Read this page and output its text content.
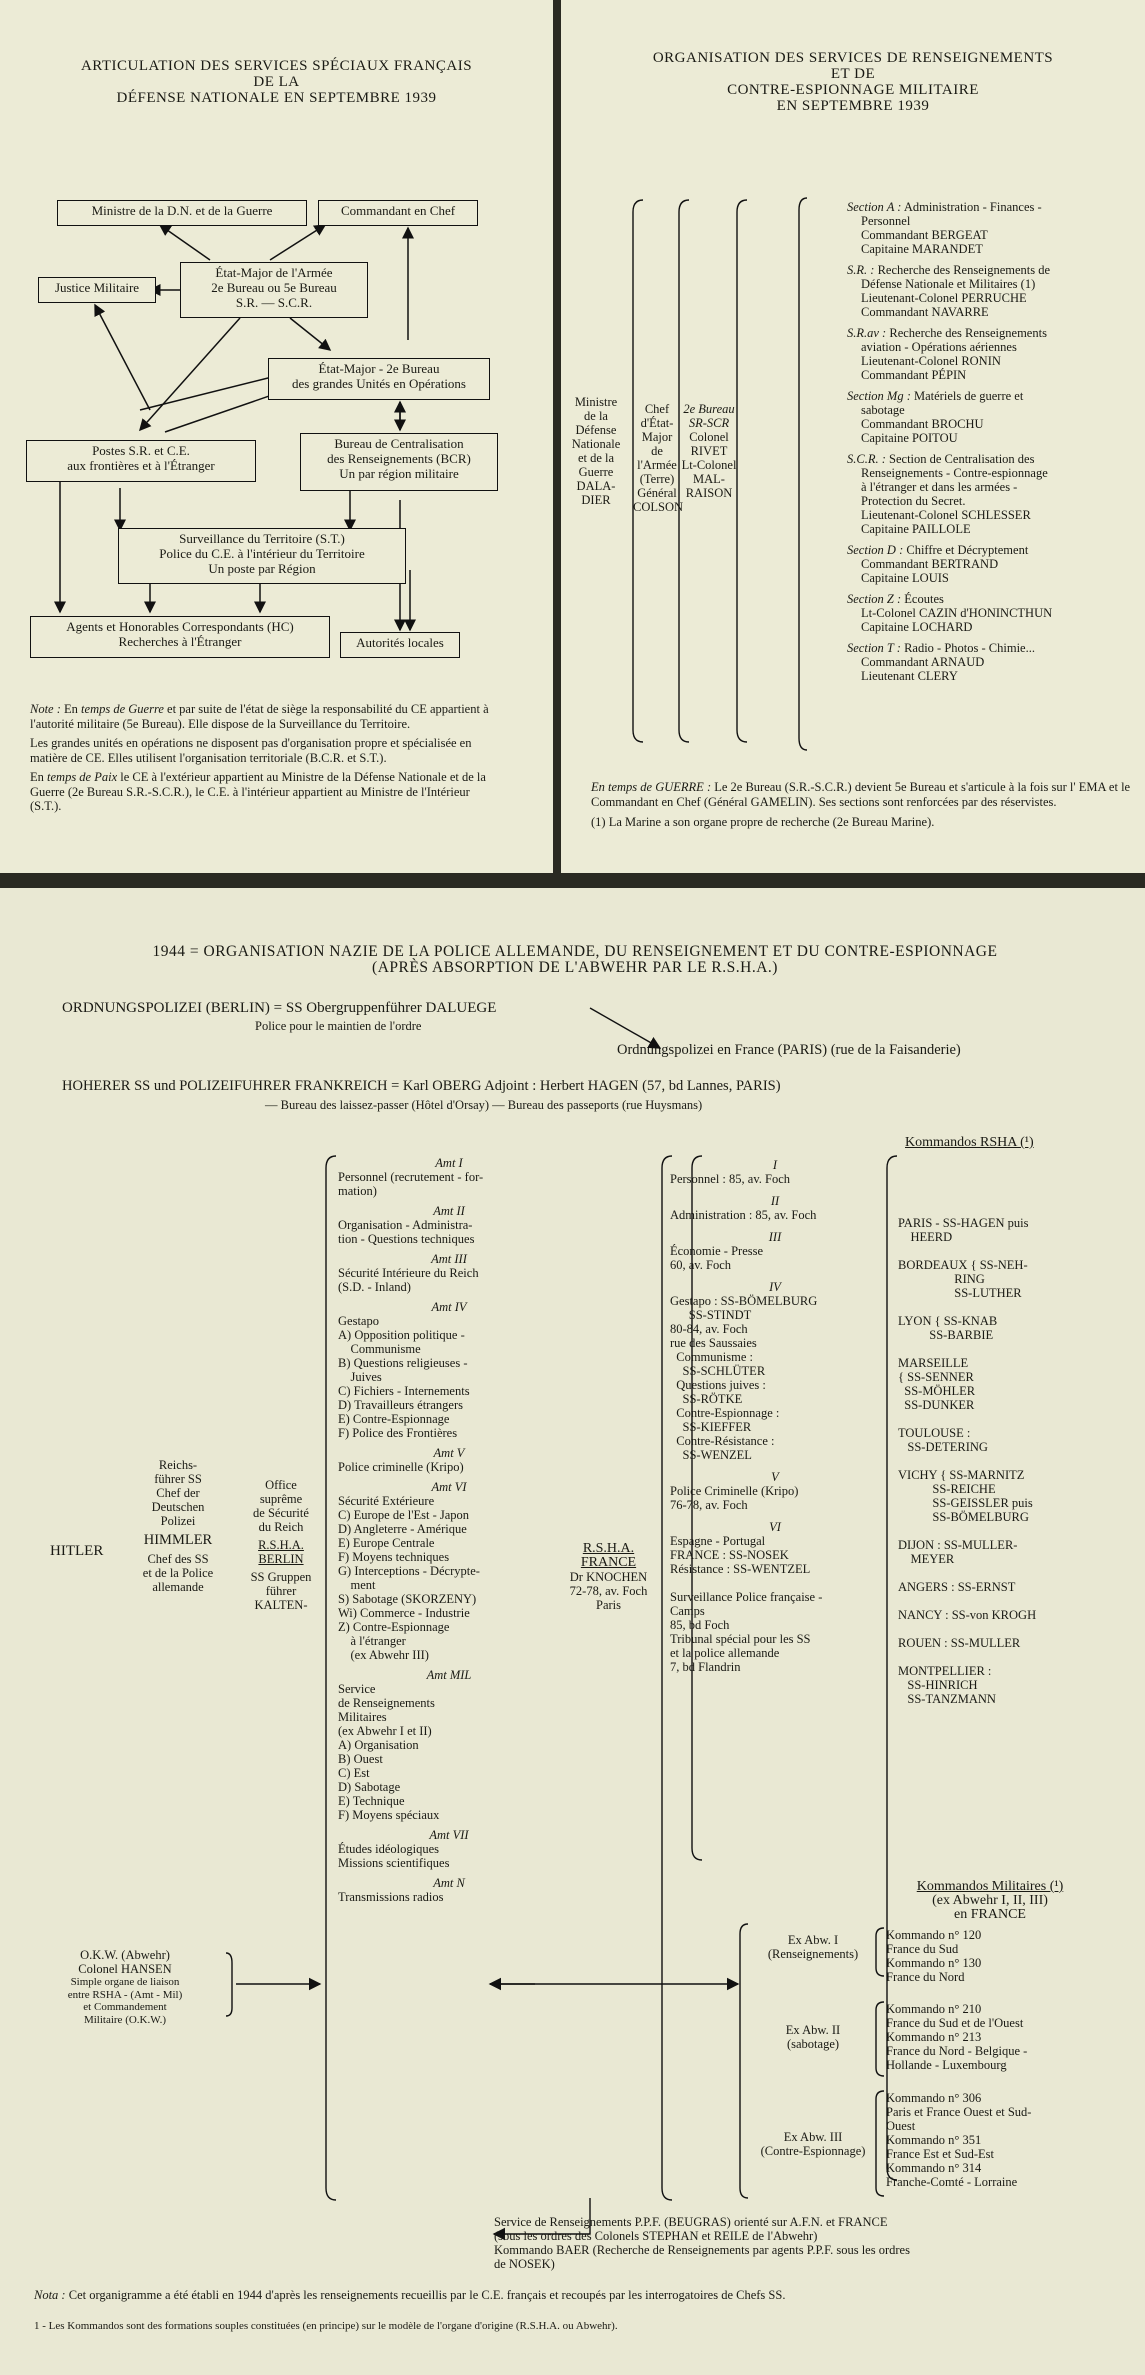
ARTICULATION DES SERVICES SPÉCIAUX FRANÇAIS
DE LA
DÉFENSE NATIONALE EN SEPTEMBRE 1939
Ministre de la D.N. et de la Guerre	Commandant en Chef
Justice Militaire
État-Major de l'Armée
2e Bureau ou 5e Bureau
S.R. — S.C.R.
État-Major - 2e Bureau
des grandes Unités en Opérations
Postes S.R. et C.E.
aux frontières et à l'Étranger
Bureau de Centralisation
des Renseignements (BCR)
Un par région militaire
Surveillance du Territoire (S.T.)
Police du C.E. à l'intérieur du Territoire
Un poste par Région
Agents et Honorables Correspondants (HC)
Recherches à l'Étranger	Autorités locales
Note : En temps de Guerre et par suite de l'état de siège la responsabilité du CE appartient à l'autorité militaire (5e Bureau). Elle dispose de la Surveillance du Territoire.
Les grandes unités en opérations ne disposent pas d'organisation propre et spécialisée en matière de CE. Elles utilisent l'organisation territoriale (B.C.R. et S.T.).
En temps de Paix le CE à l'extérieur appartient au Ministre de la Défense Nationale et de la Guerre (2e Bureau S.R.-S.C.R.), le C.E. à l'intérieur appartient au Ministre de l'Intérieur (S.T.).
ORGANISATION DES SERVICES DE RENSEIGNEMENTS
ET DE
CONTRE-ESPIONNAGE MILITAIRE
EN SEPTEMBRE 1939
Ministre
de la
Défense
Nationale
et de la
Guerre
DALA-
DIER
Chef
d'État-
Major
de l'Armée
(Terre)
Général
COLSON
2e Bureau
SR-SCR
Colonel
RIVET
Lt-Colonel
MAL-
RAISON
Section A : Administration - Finances -
Personnel
Commandant BERGEAT
Capitaine MARANDET
S.R. : Recherche des Renseignements de
Défense Nationale et Militaires (1)
Lieutenant-Colonel PERRUCHE
Commandant NAVARRE
S.R.av : Recherche des Renseignements
aviation - Opérations aériennes
Lieutenant-Colonel RONIN
Commandant PÉPIN
Section Mg : Matériels de guerre et
sabotage
Commandant BROCHU
Capitaine POITOU
S.C.R. : Section de Centralisation des
Renseignements - Contre-espionnage
à l'étranger et dans les armées -
Protection du Secret.
Lieutenant-Colonel SCHLESSER
Capitaine PAILLOLE
Section D : Chiffre et Décryptement
Commandant BERTRAND
Capitaine LOUIS
Section Z : Écoutes
Lt-Colonel CAZIN d'HONINCTHUN
Capitaine LOCHARD
Section T : Radio - Photos - Chimie...
Commandant ARNAUD
Lieutenant CLERY
En temps de GUERRE : Le 2e Bureau (S.R.-S.C.R.) devient 5e Bureau et s'articule à la fois sur l' EMA et le Commandant en Chef (Général GAMELIN). Ses sections sont renforcées par des réservistes.
(1) La Marine a son organe propre de recherche (2e Bureau Marine).
1944 = ORGANISATION NAZIE DE LA POLICE ALLEMANDE, DU RENSEIGNEMENT ET DU CONTRE-ESPIONNAGE
(APRÈS ABSORPTION DE L'ABWEHR PAR LE R.S.H.A.)
ORDNUNGSPOLIZEI (BERLIN) = SS Obergruppenführer DALUEGE
Police pour le maintien de l'ordre
Ordnungspolizei en France (PARIS) (rue de la Faisanderie)
HOHERER SS und POLIZEIFUHRER FRANKREICH = Karl OBERG Adjoint : Herbert HAGEN (57, bd Lannes, PARIS)
— Bureau des laissez-passer (Hôtel d'Orsay) — Bureau des passeports (rue Huysmans)
HITLER
Reichs-
führer SS
Chef der
Deutschen
Polizei
HIMMLER
Chef des SS
et de la Police
allemande
Office
suprême
de Sécurité
du Reich
R.S.H.A.
BERLIN
SS Gruppen
führer
KALTEN-
Amt I
Personnel (recrutement - for-
mation)
Amt II
Organisation - Administra-
tion - Questions techniques
Amt III
Sécurité Intérieure du Reich
(S.D. - Inland)
Amt IV
Gestapo
A) Opposition politique -
Communisme
B) Questions religieuses -
Juives
C) Fichiers - Internements
D) Travailleurs étrangers
E) Contre-Espionnage
F) Police des Frontières
Amt V
Police criminelle (Kripo)
Amt VI
Sécurité Extérieure
C) Europe de l'Est - Japon
D) Angleterre - Amérique
E) Europe Centrale
F) Moyens techniques
G) Interceptions - Décrypte-
ment
S) Sabotage (SKORZENY)
Wi) Commerce - Industrie
Z) Contre-Espionnage
à l'étranger
(ex Abwehr III)
Amt MIL
Service
de Renseignements
Militaires
(ex Abwehr I et II)
A) Organisation
B) Ouest
C) Est
D) Sabotage
E) Technique
F) Moyens spéciaux
Amt VII
Études idéologiques
Missions scientifiques
Amt N
Transmissions radios
R.S.H.A.
FRANCE
Dr KNOCHEN
72-78, av. Foch
Paris
I
Personnel : 85, av. Foch
II
Administration : 85, av. Foch
III
Économie - Presse
60, av. Foch
IV
Gestapo : SS-BÖMELBURG
SS-STINDT
80-84, av. Foch
rue des Saussaies
Communisme :
SS-SCHLÜTER
Questions juives :
SS-RÖTKE
Contre-Espionnage :
SS-KIEFFER
Contre-Résistance :
SS-WENZEL
V
Police Criminelle (Kripo)
76-78, av. Foch
VI
Espagne - Portugal
FRANCE : SS-NOSEK
Résistance : SS-WENTZEL
Surveillance Police française -
Camps
85, bd Foch
Tribunal spécial pour les SS
et la police allemande
7, bd Flandrin
Kommandos RSHA (¹)
PARIS - SS-HAGEN puis
HEERD
BORDEAUX { SS-NEH-
RING
SS-LUTHER
LYON { SS-KNAB
SS-BARBIE
MARSEILLE
{ SS-SENNER
SS-MÖHLER
SS-DUNKER
TOULOUSE :
SS-DETERING
VICHY { SS-MARNITZ
SS-REICHE
SS-GEISSLER puis
SS-BÖMELBURG
DIJON : SS-MULLER-
MEYER
ANGERS : SS-ERNST
NANCY : SS-von KROGH
ROUEN : SS-MULLER
MONTPELLIER :
SS-HINRICH
SS-TANZMANN
Kommandos Militaires (¹)
(ex Abwehr I, II, III)
en FRANCE
O.K.W. (Abwehr)
Colonel HANSEN
Simple organe de liaison
entre RSHA - (Amt - Mil)
et Commandement
Militaire (O.K.W.)
Ex Abw. I
(Renseignements)
Kommando n° 120
France du Sud
Kommando n° 130
France du Nord
Ex Abw. II
(sabotage)
Kommando n° 210
France du Sud et de l'Ouest
Kommando n° 213
France du Nord - Belgique -
Hollande - Luxembourg
Ex Abw. III
(Contre-Espionnage)
Kommando n° 306
Paris et France Ouest et Sud-
Ouest
Kommando n° 351
France Est et Sud-Est
Kommando n° 314
Franche-Comté - Lorraine
Service de Renseignements P.P.F. (BEUGRAS) orienté sur A.F.N. et FRANCE
(sous les ordres des Colonels STEPHAN et REILE de l'Abwehr)
Kommando BAER (Recherche de Renseignements par agents P.P.F. sous les ordres
de NOSEK)
Nota : Cet organigramme a été établi en 1944 d'après les renseignements recueillis par le C.E. français et recoupés par les interrogatoires de Chefs SS.
1 - Les Kommandos sont des formations souples constituées (en principe) sur le modèle de l'organe d'origine (R.S.H.A. ou Abwehr).
